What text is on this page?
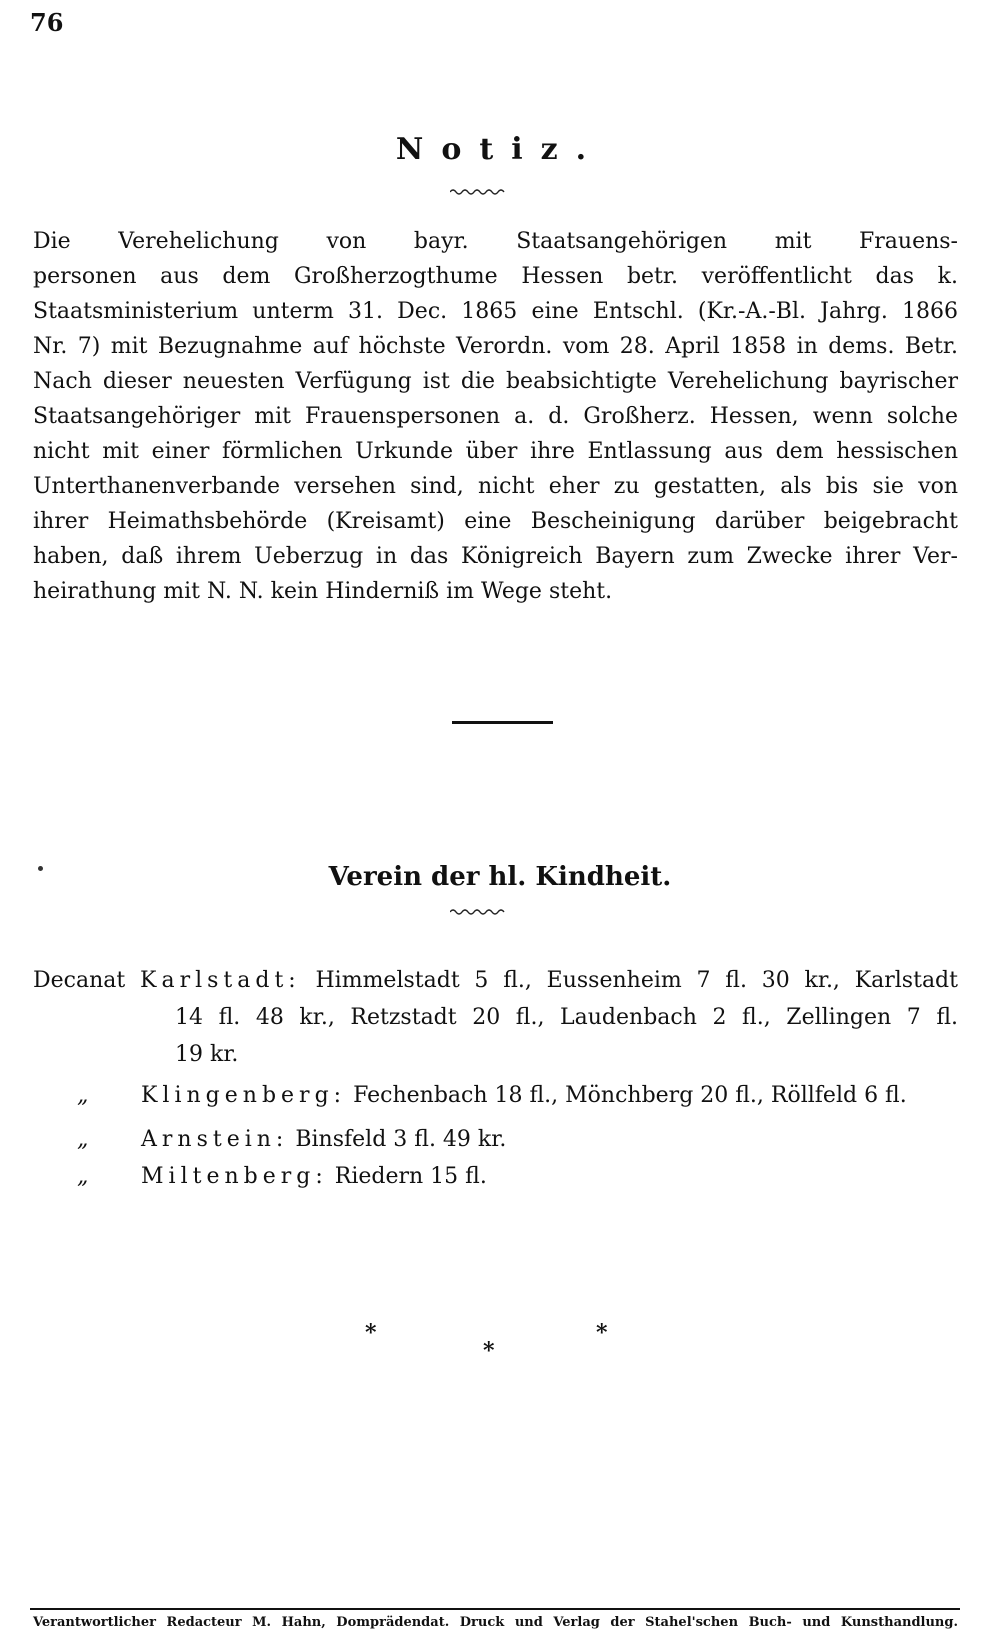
76
Notiz.

Die Verehelichung von bayr. Staatsangehörigen mit Frauens-

personen aus dem Großherzogthume Hessen betr. veröffentlicht das k.

Staatsministerium unterm 31. Dec. 1865 eine Entschl. (Kr.-A.-Bl. Jahrg. 1866

Nr. 7) mit Bezugnahme auf höchste Verordn. vom 28. April 1858 in dems. Betr.

Nach dieser neuesten Verfügung ist die beabsichtigte Verehelichung bayrischer

Staatsangehöriger mit Frauenspersonen a. d. Großherz. Hessen, wenn solche

nicht mit einer förmlichen Urkunde über ihre Entlassung aus dem hessischen

Unterthanenverbande versehen sind, nicht eher zu gestatten, als bis sie von

ihrer Heimathsbehörde (Kreisamt) eine Bescheinigung darüber beigebracht

haben, daß ihrem Ueberzug in das Königreich Bayern zum Zwecke ihrer Ver-

heirathung mit N. N. kein Hinderniß im Wege steht.

Verein der hl. Kindheit.
Decanat Karlstadt: Himmelstadt 5 fl., Eussenheim 7 fl. 30 kr., Karlstadt

14 fl. 48 kr., Retzstadt 20 fl., Laudenbach 2 fl., Zellingen 7 fl.

19 kr.

„ Klingenberg: Fechenbach 18 fl., Mönchberg 20 fl., Röllfeld 6 fl.
„ Arnstein: Binsfeld 3 fl. 49 kr.
„ Miltenberg: Riedern 15 fl.
*
*
*
Verantwortlicher Redacteur M. Hahn, Domprädendat. Druck und Verlag der Stahel'schen Buch- und Kunsthandlung.
